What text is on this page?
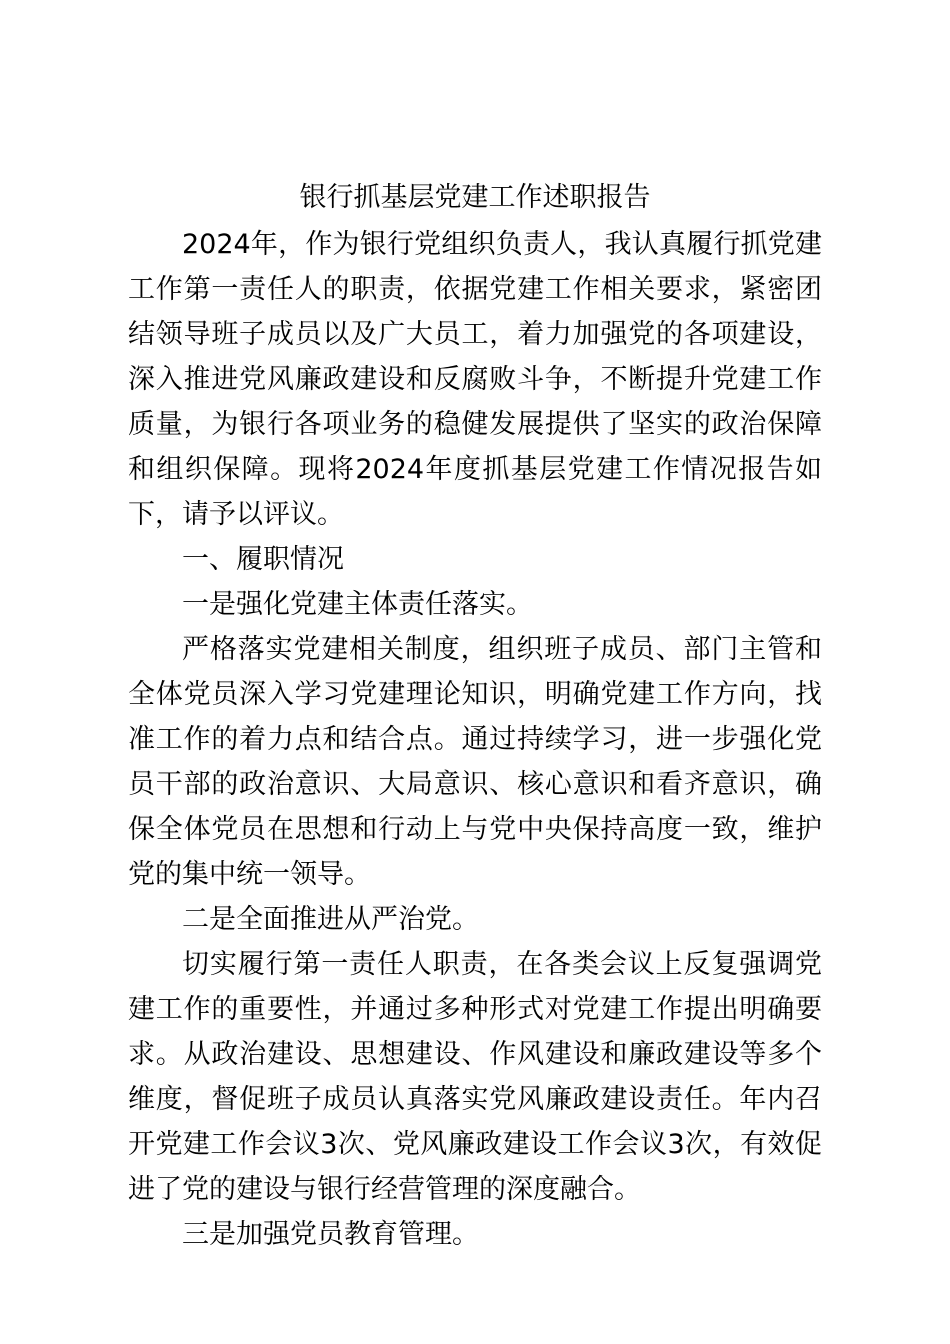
银行抓基层党建工作述职报告

2024年，作为银行党组织负责人，我认真履行抓党建工作第一责任人的职责，依据党建工作相关要求，紧密团结领导班子成员以及广大员工，着力加强党的各项建设，深入推进党风廉政建设和反腐败斗争，不断提升党建工作质量，为银行各项业务的稳健发展提供了坚实的政治保障和组织保障。现将2024年度抓基层党建工作情况报告如下，请予以评议。

一、履职情况

一是强化党建主体责任落实。

严格落实党建相关制度，组织班子成员、部门主管和全体党员深入学习党建理论知识，明确党建工作方向，找准工作的着力点和结合点。通过持续学习，进一步强化党员干部的政治意识、大局意识、核心意识和看齐意识，确保全体党员在思想和行动上与党中央保持高度一致，维护党的集中统一领导。

二是全面推进从严治党。

切实履行第一责任人职责，在各类会议上反复强调党建工作的重要性，并通过多种形式对党建工作提出明确要求。从政治建设、思想建设、作风建设和廉政建设等多个维度，督促班子成员认真落实党风廉政建设责任。年内召开党建工作会议3次、党风廉政建设工作会议3次，有效促进了党的建设与银行经营管理的深度融合。

三是加强党员教育管理。
